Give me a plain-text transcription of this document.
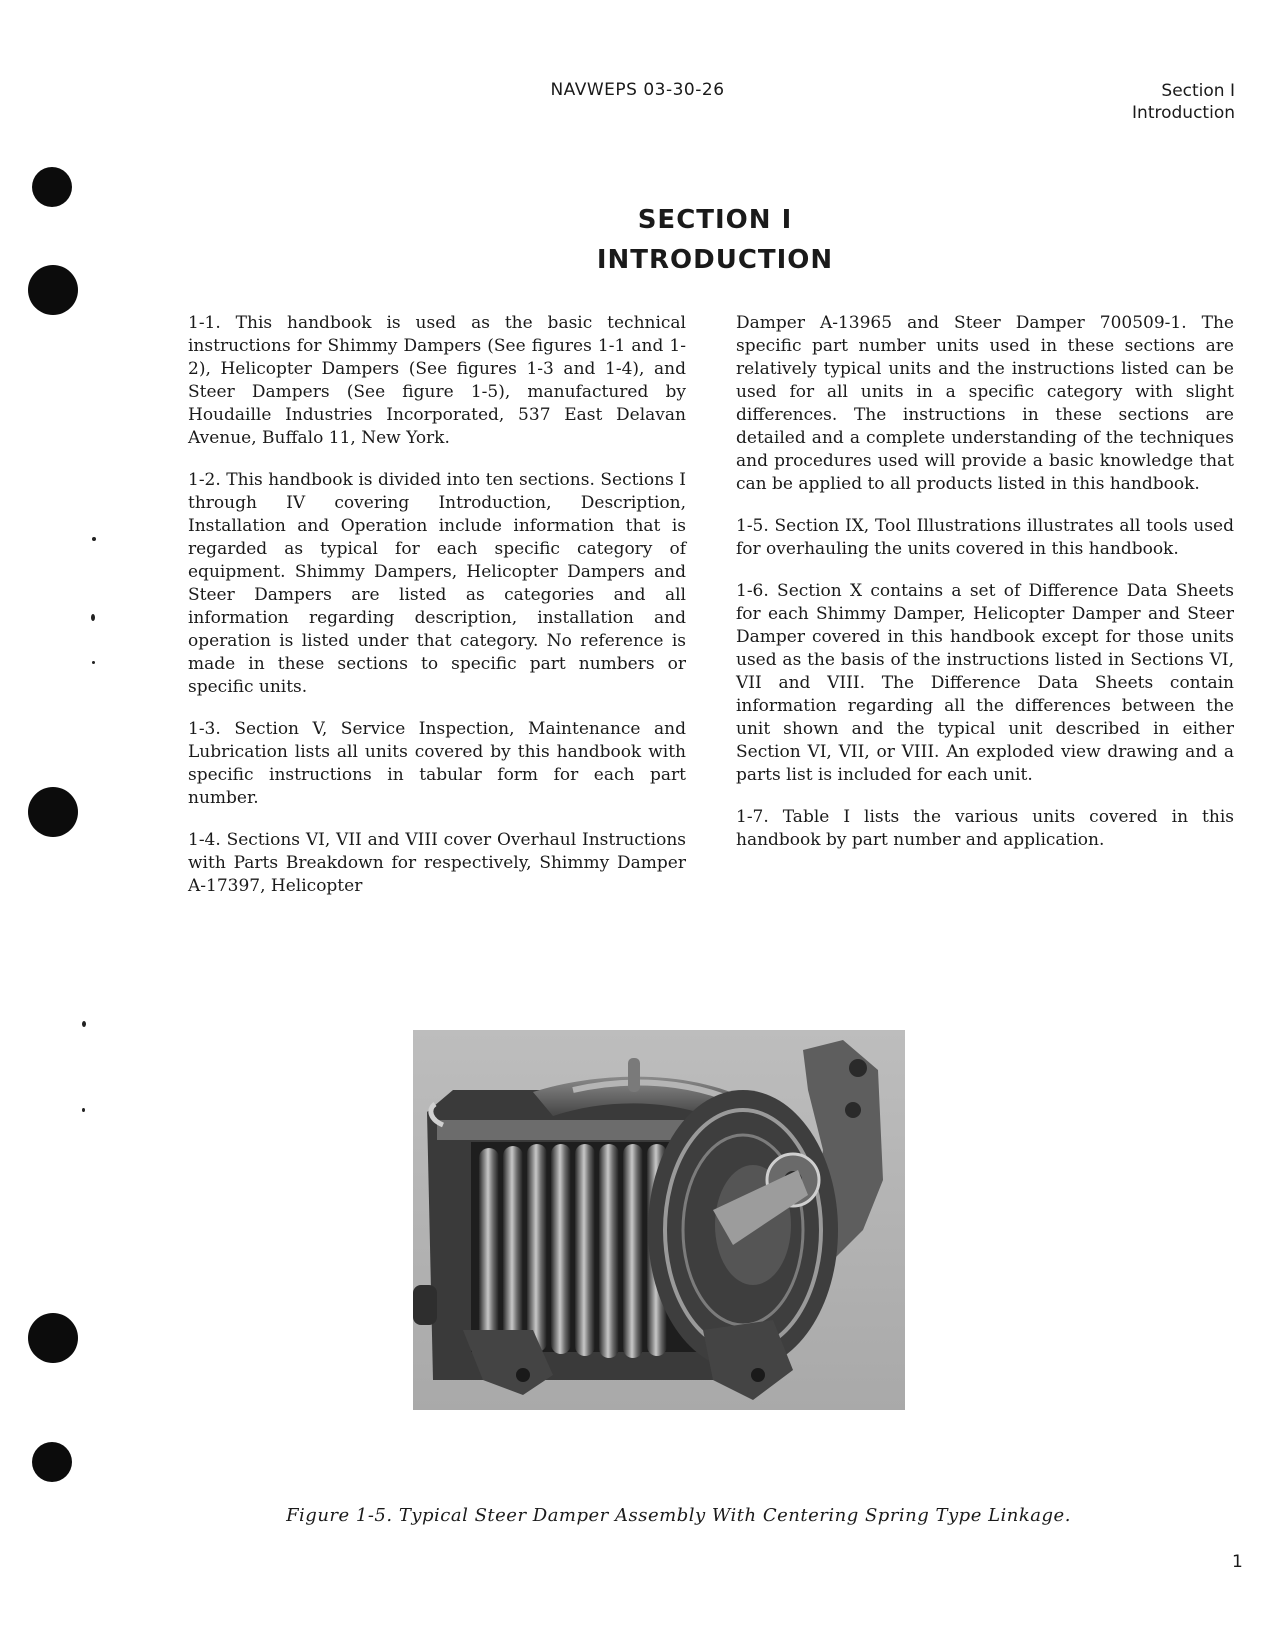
NAVWEPS 03-30-26	Section I
Introduction
SECTION I
INTRODUCTION

1-1. This handbook is used as the basic technical instructions for Shimmy Dampers (See figures 1-1 and 1-2), Helicopter Dampers (See figures 1-3 and 1-4), and Steer Dampers (See figure 1-5), manufactured by Houdaille Industries Incorporated, 537 East Delavan Avenue, Buffalo 11, New York.

1-2. This handbook is divided into ten sections. Sections I through IV covering Introduction, Description, Installation and Operation include information that is regarded as typical for each specific category of equipment. Shimmy Dampers, Helicopter Dampers and Steer Dampers are listed as categories and all information regarding description, installation and operation is listed under that category. No reference is made in these sections to specific part numbers or specific units.

1-3. Section V, Service Inspection, Maintenance and Lubrication lists all units covered by this handbook with specific instructions in tabular form for each part number.

1-4. Sections VI, VII and VIII cover Overhaul Instructions with Parts Breakdown for respectively, Shimmy Damper A-17397, Helicopter

Damper A-13965 and Steer Damper 700509-1. The specific part number units used in these sections are relatively typical units and the instructions listed can be used for all units in a specific category with slight differences. The instructions in these sections are detailed and a complete understanding of the techniques and procedures used will provide a basic knowledge that can be applied to all products listed in this handbook.

1-5. Section IX, Tool Illustrations illustrates all tools used for overhauling the units covered in this handbook.

1-6. Section X contains a set of Difference Data Sheets for each Shimmy Damper, Helicopter Damper and Steer Damper covered in this handbook except for those units used as the basis of the instructions listed in Sections VI, VII and VIII. The Difference Data Sheets contain information regarding all the differences between the unit shown and the typical unit described in either Section VI, VII, or VIII. An exploded view drawing and a parts list is included for each unit.

1-7. Table I lists the various units covered in this handbook by part number and application.

Figure 1-5. Typical Steer Damper Assembly With Centering Spring Type Linkage.
1
